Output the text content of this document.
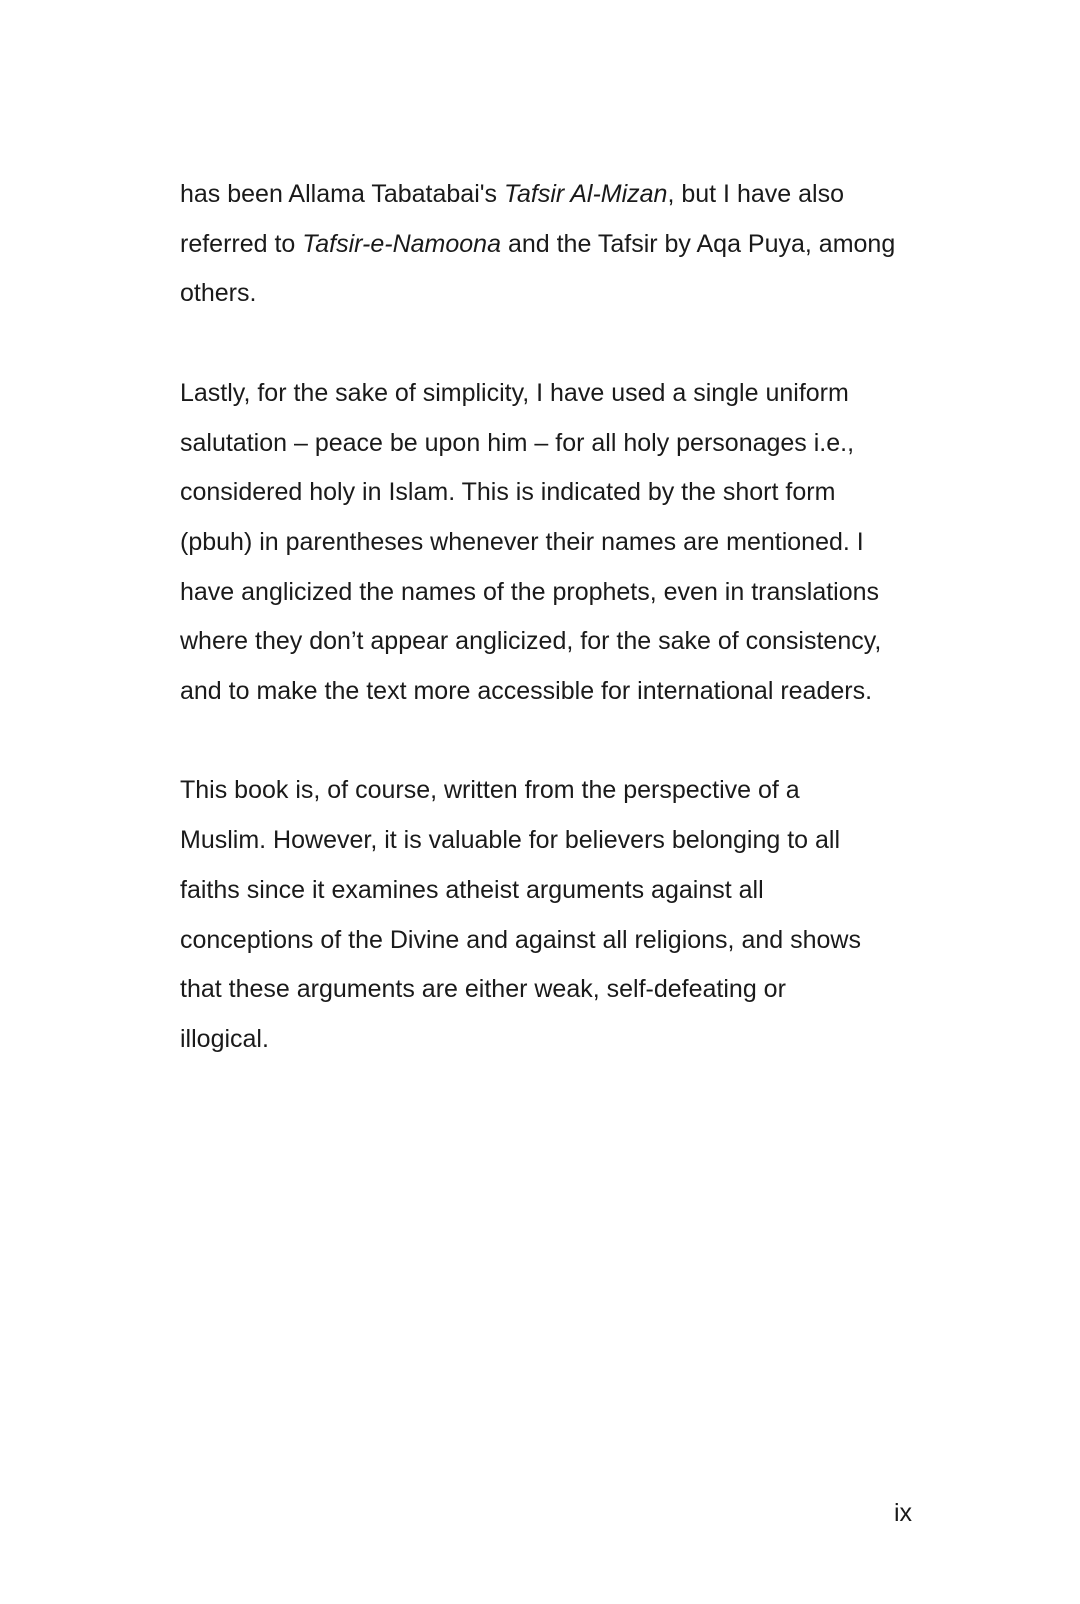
has been Allama Tabatabai's Tafsir Al-Mizan, but I have also
referred to Tafsir-e-Namoona and the Tafsir by Aqa Puya, among
others.

Lastly, for the sake of simplicity, I have used a single uniform
salutation – peace be upon him – for all holy personages i.e.,
considered holy in Islam. This is indicated by the short form
(pbuh) in parentheses whenever their names are mentioned. I
have anglicized the names of the prophets, even in translations
where they don’t appear anglicized, for the sake of consistency,
and to make the text more accessible for international readers.

This book is, of course, written from the perspective of a
Muslim. However, it is valuable for believers belonging to all
faiths since it examines atheist arguments against all
conceptions of the Divine and against all religions, and shows
that these arguments are either weak, self-defeating or
illogical.

ix
